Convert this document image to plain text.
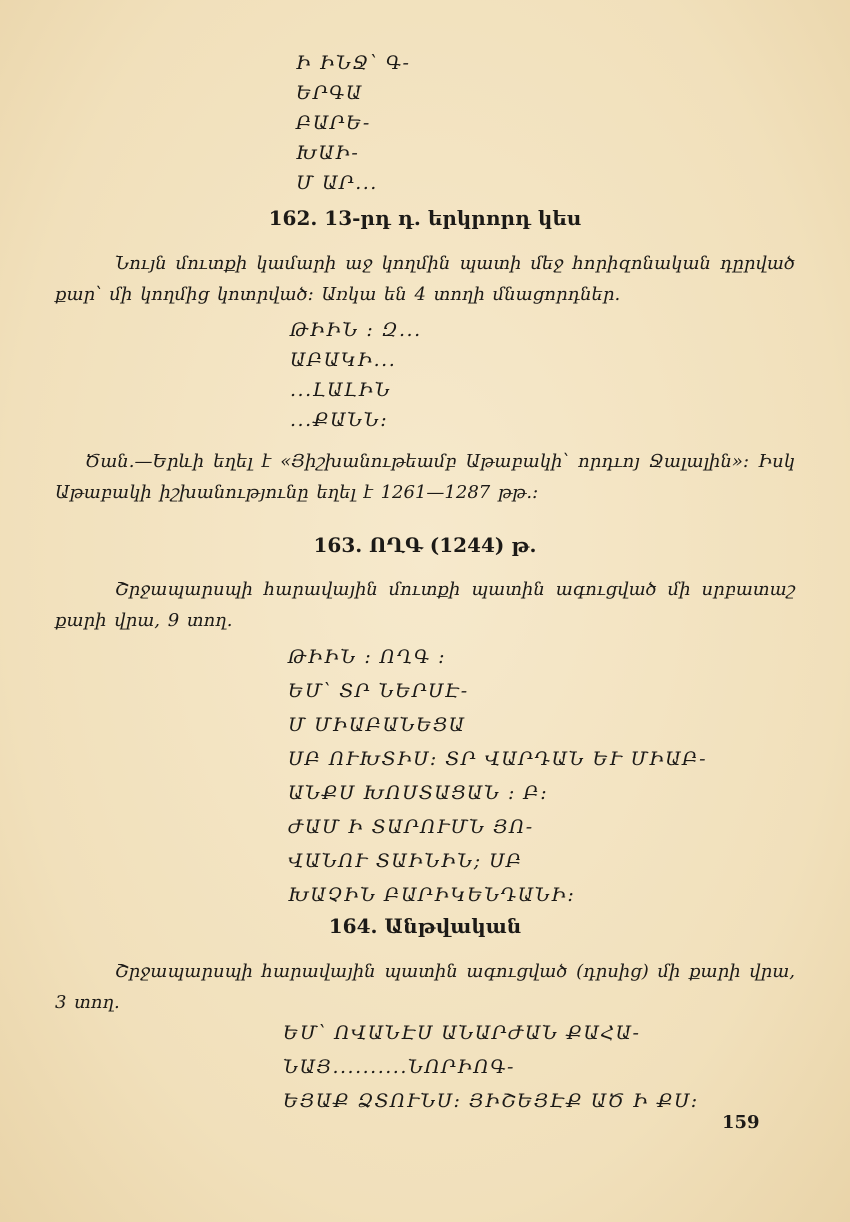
Ի ԻՆՋ՝ Գ-
ԵՐԳԱ
ԲԱՐԵ-
ԽԱԻ-
Մ ԱՐ...
162. 13-րդ դ. երկրորդ կես
Նույն մուտքի կամարի աջ կողմին պատի մեջ հորիզոնական դըրված քար՝ մի կողմից կոտրված։ Առկա են 4 տողի մնացորդներ.
ԹԻԻՆ : Զ...
ԱԲԱԿԻ...
...ԼԱԼԻՆ
...ՔԱՆՆ։
Ծան.—Երևի եղել է «Յիշխանութեամբ Աթաբակի՝ որդւոյ Ջալալին»։ Իսկ Աթաբակի իշխանությունը եղել է 1261—1287 թթ.։
163. ՈՂԳ (1244) թ.
Շրջապարսպի հարավային մուտքի պատին ագուցված մի սրբատաշ քարի վրա, 9 տող.
ԹԻԻՆ : ՈՂԳ :
ԵՄ՝ ՏՐ ՆԵՐՍԷ-
Մ ՄԻԱԲԱՆԵՑԱ
ՍԲ ՈՒԽՏԻՍ։ ՏՐ ՎԱՐԴԱՆ ԵՒ ՄԻԱԲ-
ԱՆՔՍ ԽՈՍՏԱՑԱՆ : Բ:
ԺԱՄ Ի ՏԱՐՈՒՄՆ ՅՈ-
ՎԱՆՈՒ ՏԱԻՆԻՆ; ՍԲ
ԽԱՉԻՆ ԲԱՐԻԿԵՆԴԱՆԻ։
164. Անթվական
Շրջապարսպի հարավային պատին ագուցված (դրսից) մի քարի վրա, 3 տող.
ԵՄ՝ ՈՎԱՆԷՍ ԱՆԱՐԺԱՆ ՔԱՀԱ-
ՆԱՅ..........ՆՈՐԻՈԳ-
ԵՅԱՔ ՁՏՈՒՆՍ։ ՅԻՇԵՅԷՔ ԱԾ Ի ՔՍ։
159
